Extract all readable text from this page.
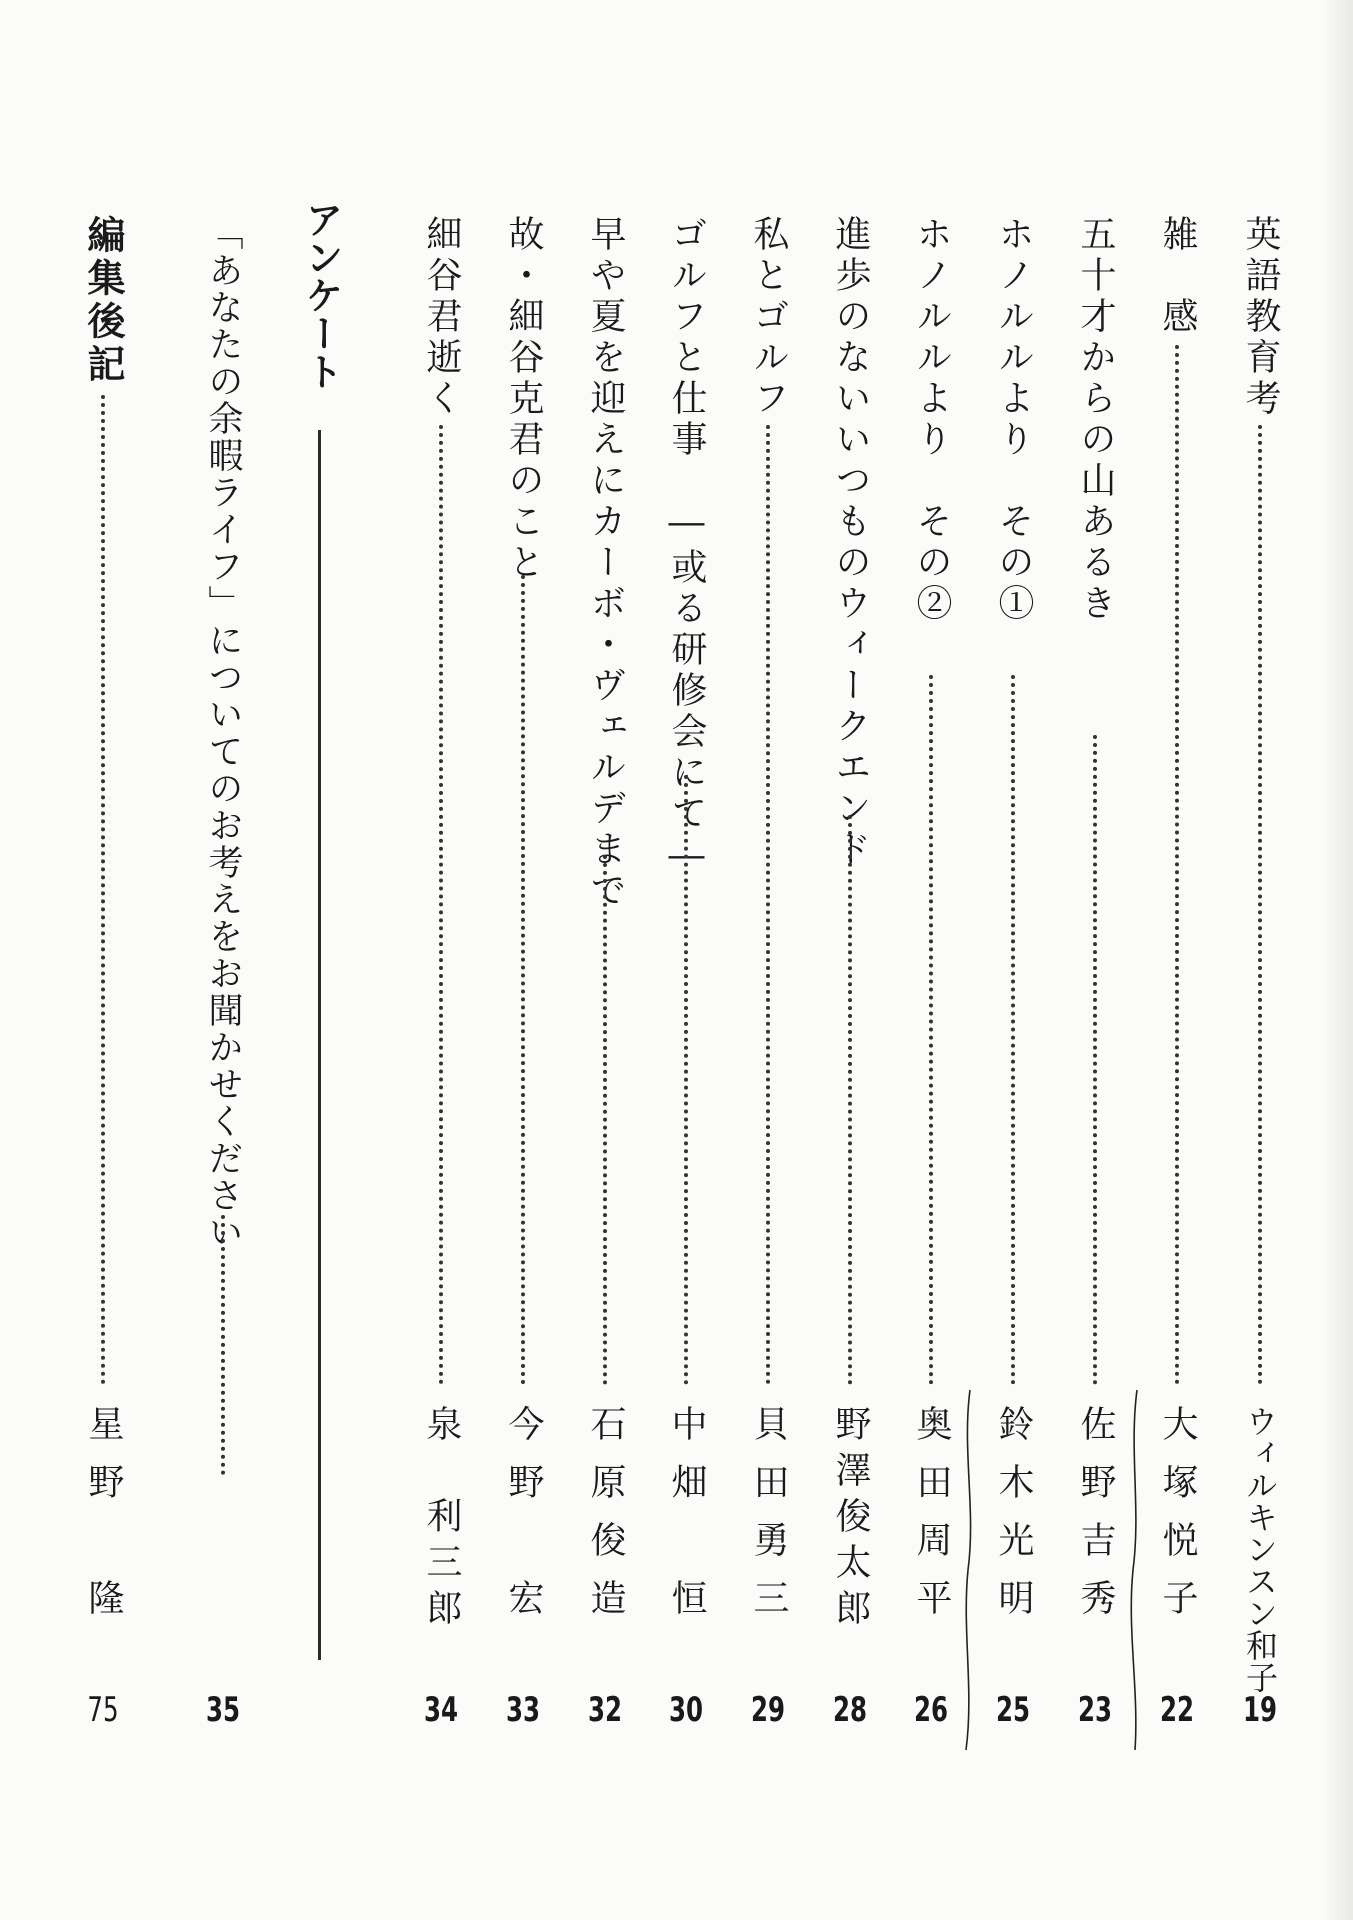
英語教育考
ウィルキンスン和子
19
雑　感
大塚悦子
22
五十才からの山あるき
佐野吉秀
23
ホノルルより　その①
鈴木光明
25
ホノルルより　その②
奥田周平
26
進歩のないいつものウィークエンド
野澤俊太郎
28
私とゴルフ
貝田勇三
29
ゴルフと仕事　―或る研修会にて―
中畑　恒
30
早や夏を迎えにカーボ・ヴェルデまで
石原俊造
32
故・細谷克君のこと
今野　宏
33
細谷君逝く
泉　利三郎
34
アンケート
「あなたの余暇ライフ」についてのお考えをお聞かせください
35
編集後記
星野　隆
75
